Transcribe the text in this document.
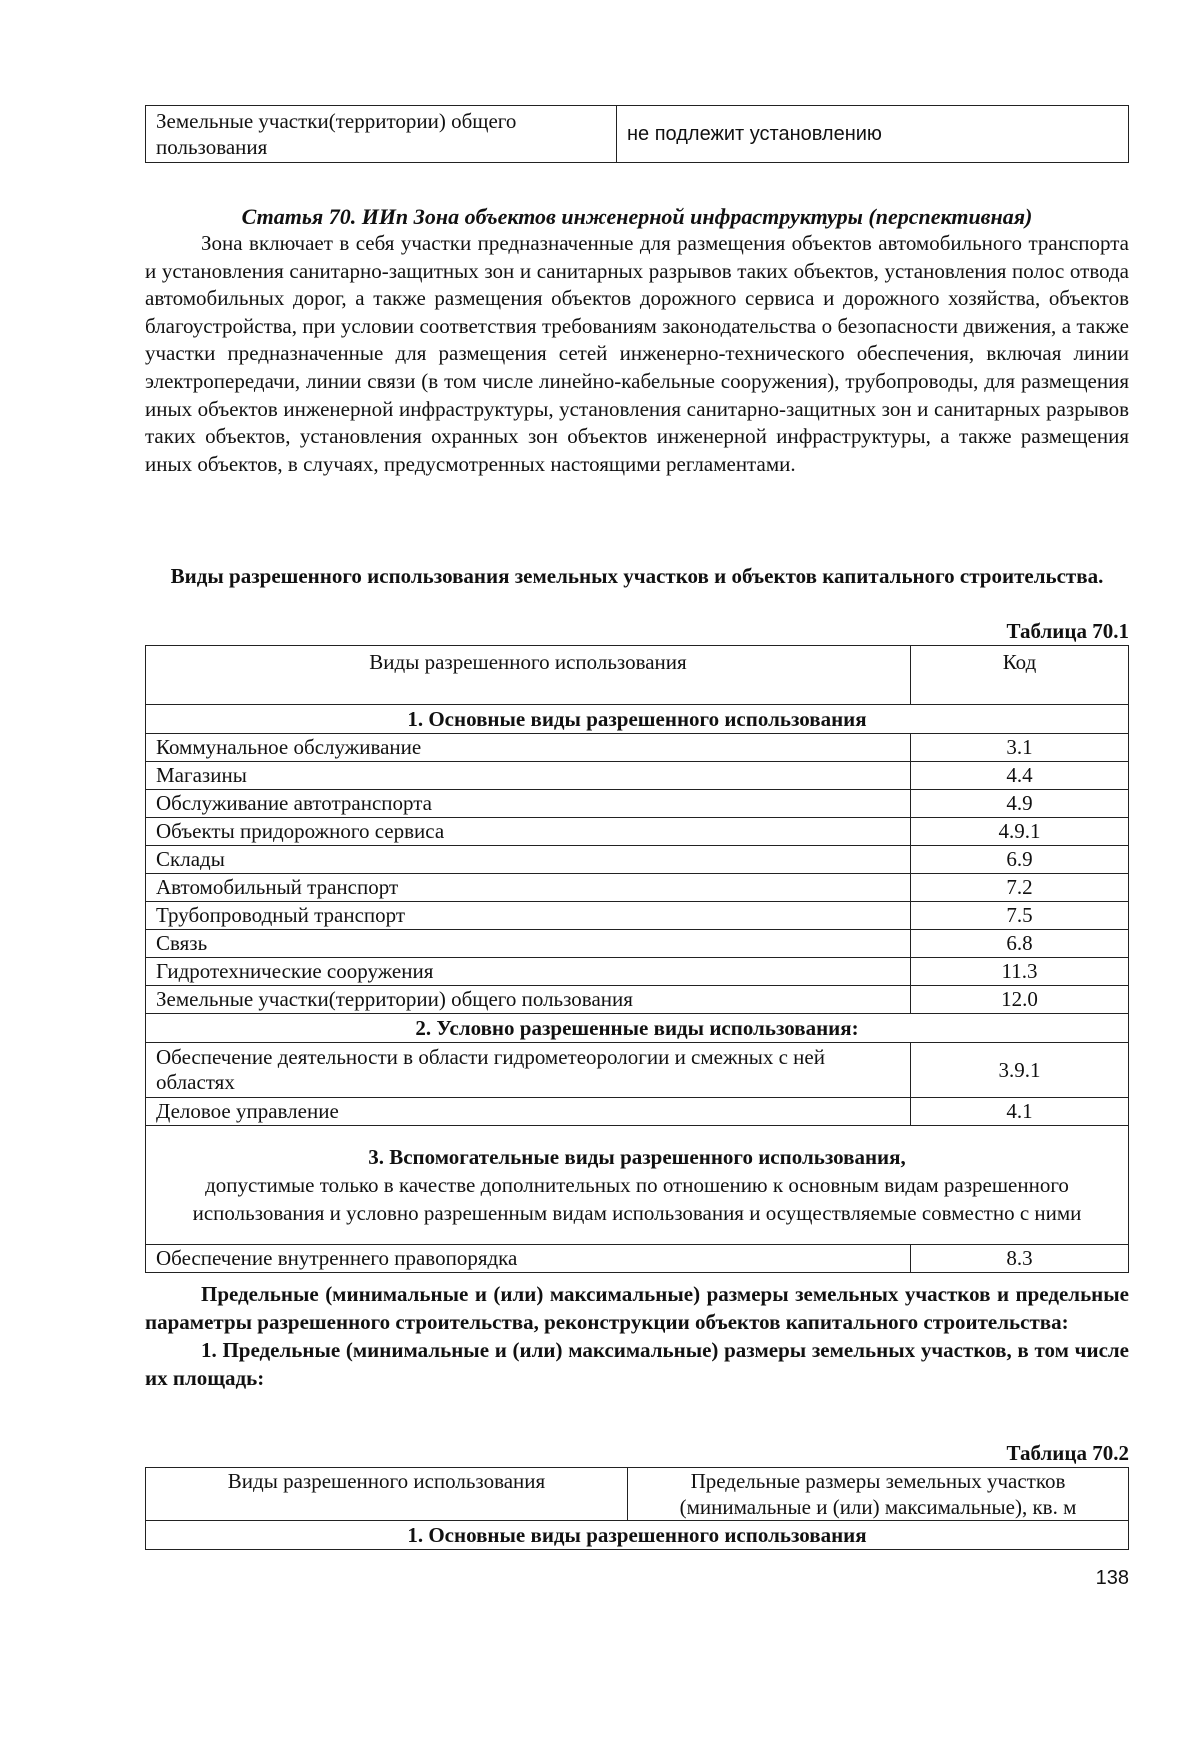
Земельные участки(территории) общего пользования	не подлежит установлению
Статья 70. ИИп Зона объектов инженерной инфраструктуры (перспективная)

Зона включает в себя участки предназначенные для размещения объектов автомобильного транспорта и установления санитарно-защитных зон и санитарных разрывов таких объектов, установления полос отвода автомобильных дорог, а также размещения объектов дорожного сервиса и дорожного хозяйства, объектов благоустройства, при условии соответствия требованиям законодательства о безопасности движения, а также участки предназначенные для размещения сетей инженерно-технического обеспечения, включая линии электропередачи, линии связи (в том числе линейно-кабельные сооружения), трубопроводы, для размещения иных объектов инженерной инфраструктуры, установления санитарно-защитных зон и санитарных разрывов таких объектов, установления охранных зон объектов инженерной инфраструктуры, а также размещения иных объектов, в случаях, предусмотренных настоящими регламентами.

Виды разрешенного использования земельных участков и объектов капитального строительства.
Таблица 70.1
Виды разрешенного использования	Код
1. Основные виды разрешенного использования	
Коммунальное обслуживание	3.1
Магазины	4.4
Обслуживание автотранспорта	4.9
Объекты придорожного сервиса	4.9.1
Склады	6.9
Автомобильный транспорт	7.2
Трубопроводный транспорт	7.5
Связь	6.8
Гидротехнические сооружения	11.3
Земельные участки(территории) общего пользования	12.0
2. Условно разрешенные виды использования:	
Обеспечение деятельности в области гидрометеорологии и смежных с ней областях	3.9.1
Деловое управление	4.1

3. Вспомогательные виды разрешенного использования,
допустимые только в качестве дополнительных по отношению к основным видам разрешенного использования и условно разрешенным видам использования и осуществляемые совместно с ними	

Обеспечение внутреннего правопорядка	8.3

Предельные (минимальные и (или) максимальные) размеры земельных участков и предельные параметры разрешенного строительства, реконструкции объектов капитального строительства:

1. Предельные (минимальные и (или) максимальные) размеры земельных участков, в том числе их площадь:

Таблица 70.2
Виды разрешенного использования	Предельные размеры земельных участков (минимальные и (или) максимальные), кв. м
1. Основные виды разрешенного использования
138
